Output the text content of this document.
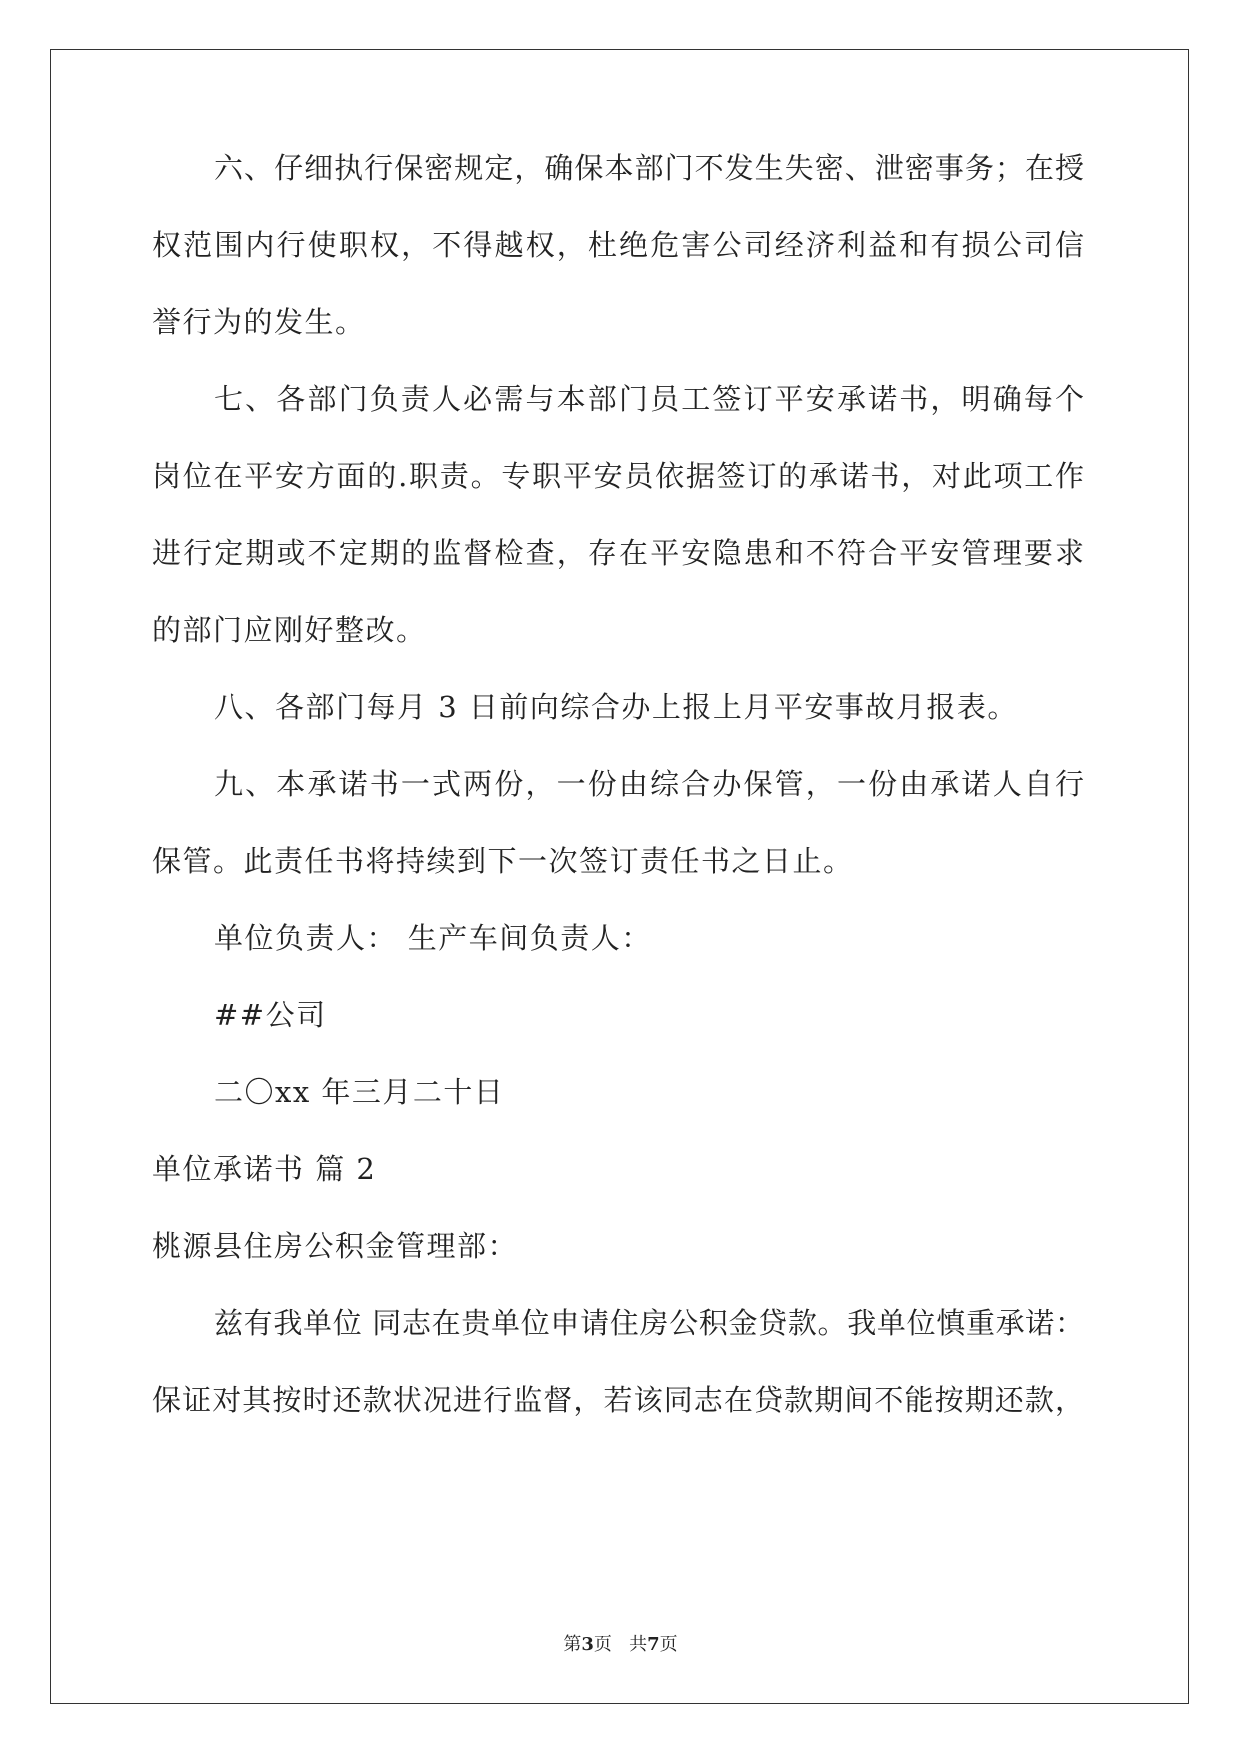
六、仔细执行保密规定，确保本部门不发生失密、泄密事务；在授
权范围内行使职权，不得越权，杜绝危害公司经济利益和有损公司信
誉行为的发生。
七、各部门负责人必需与本部门员工签订平安承诺书，明确每个
岗位在平安方面的.职责。专职平安员依据签订的承诺书，对此项工作
进行定期或不定期的监督检查，存在平安隐患和不符合平安管理要求
的部门应刚好整改。
八、各部门每月 3 日前向综合办上报上月平安事故月报表。
九、本承诺书一式两份，一份由综合办保管，一份由承诺人自行
保管。此责任书将持续到下一次签订责任书之日止。
单位负责人： 生产车间负责人：
##公司
二〇xx 年三月二十日
单位承诺书 篇 2
桃源县住房公积金管理部：
兹有我单位 同志在贵单位申请住房公积金贷款。我单位慎重承诺：
保证对其按时还款状况进行监督，若该同志在贷款期间不能按期还款，
第3页   共7页
